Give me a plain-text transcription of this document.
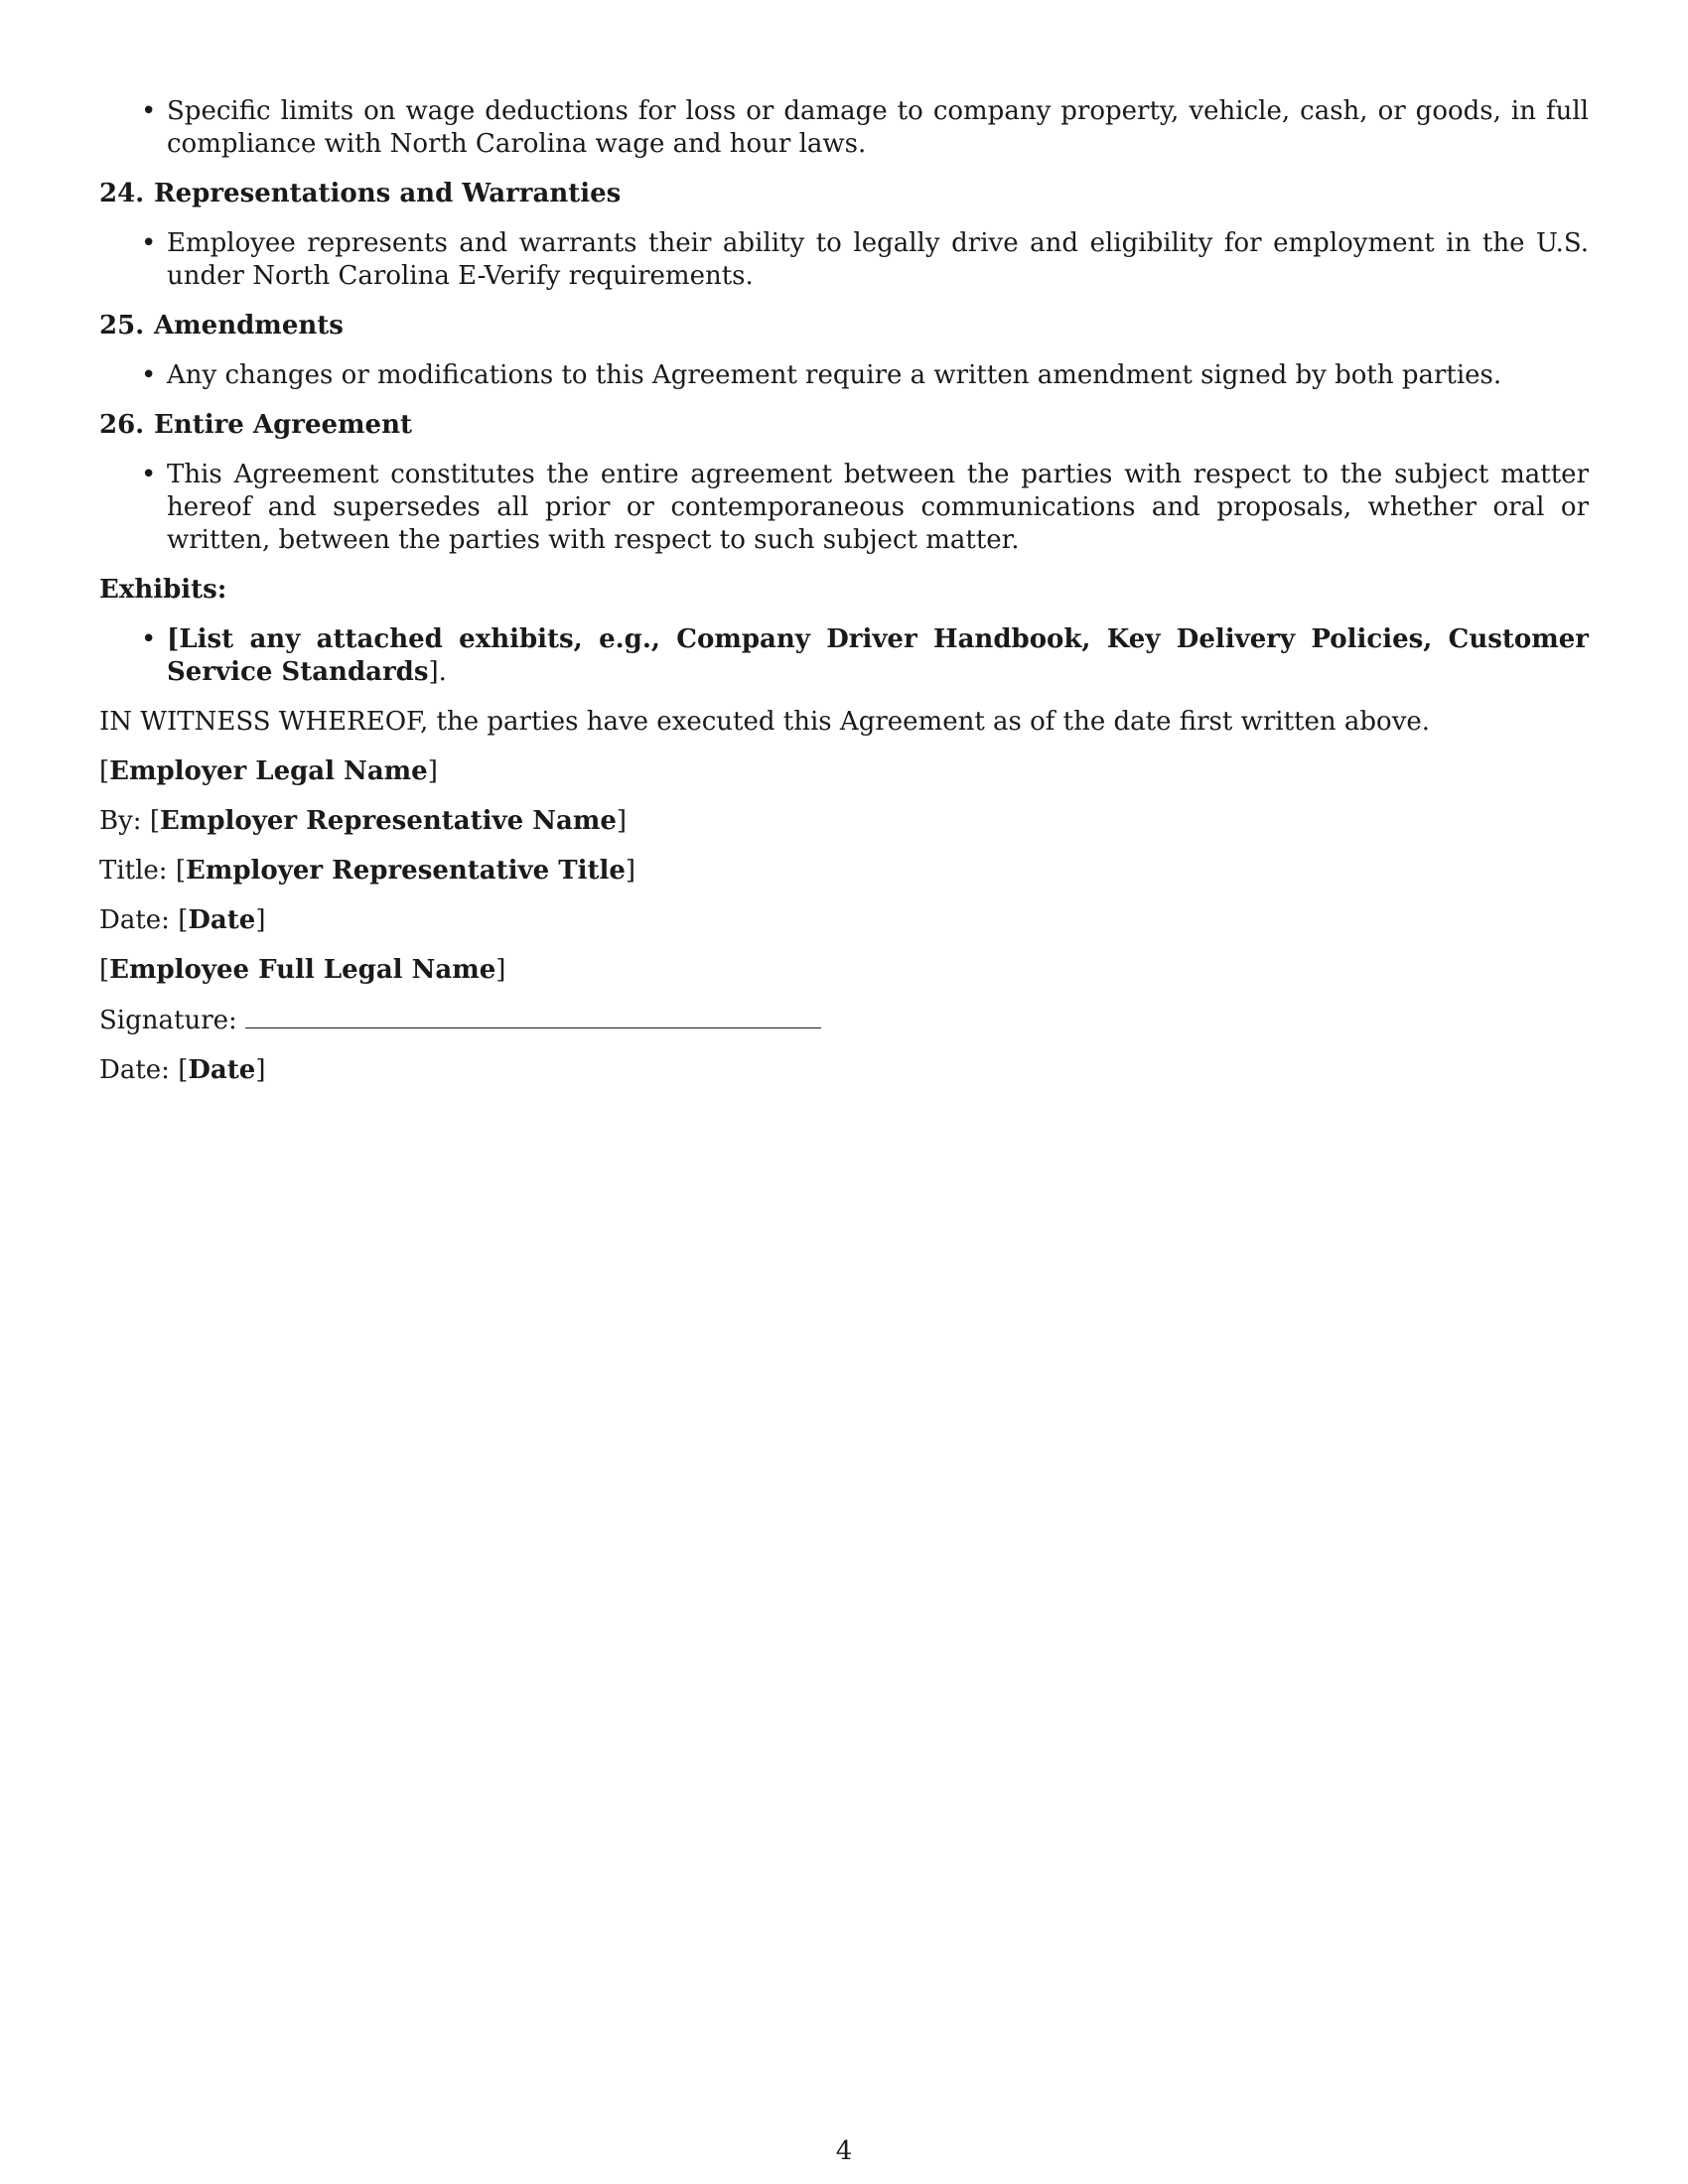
• Specific limits on wage deductions for loss or damage to company property, vehicle, cash, or goods, in full compliance with North Carolina wage and hour laws.
24. Representations and Warranties
• Employee represents and warrants their ability to legally drive and eligibility for employment in the U.S. under North Carolina E-Verify requirements.
25. Amendments
• Any changes or modifications to this Agreement require a written amendment signed by both parties.
26. Entire Agreement
• This Agreement constitutes the entire agreement between the parties with respect to the subject matter hereof and supersedes all prior or contemporaneous communications and proposals, whether oral or written, between the parties with respect to such subject matter.
Exhibits:
• [List any attached exhibits, e.g., Company Driver Handbook, Key Delivery Policies, Customer Service Standards].

IN WITNESS WHEREOF, the parties have executed this Agreement as of the date first written above.

[Employer Legal Name]

By: [Employer Representative Name]

Title: [Employer Representative Title]

Date: [Date]

[Employee Full Legal Name]

Signature:

Date: [Date]

4
